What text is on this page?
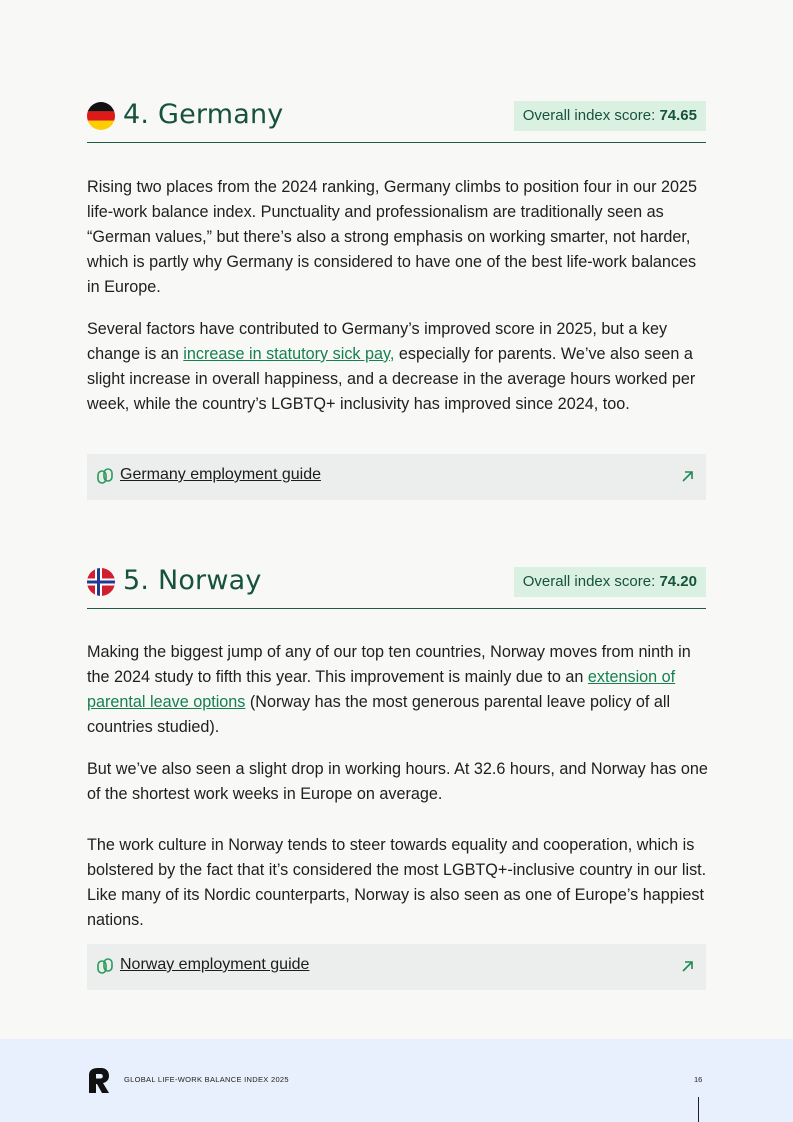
4. Germany	Overall index score: 74.65

Rising two places from the 2024 ranking, Germany climbs to position four in our 2025 life-work balance index. Punctuality and professionalism are traditionally seen as “German values,” but there’s also a strong emphasis on working smarter, not harder, which is partly why Germany is considered to have one of the best life-work balances in Europe.

Several factors have contributed to Germany’s improved score in 2025, but a key change is an increase in statutory sick pay, especially for parents. We’ve also seen a slight increase in overall happiness, and a decrease in the average hours worked per week, while the country’s LGBTQ+ inclusivity has improved since 2024, too.

Germany employment guide
5. Norway	Overall index score: 74.20

Making the biggest jump of any of our top ten countries, Norway moves from ninth in the 2024 study to fifth this year. This improvement is mainly due to an extension of parental leave options (Norway has the most generous parental leave policy of all countries studied).

But we’ve also seen a slight drop in working hours. At 32.6 hours, and Norway has one of the shortest work weeks in Europe on average.

The work culture in Norway tends to steer towards equality and cooperation, which is bolstered by the fact that it’s considered the most LGBTQ+-inclusive country in our list. Like many of its Nordic counterparts, Norway is also seen as one of Europe’s happiest nations.

Norway employment guide
GLOBAL LIFE-WORK BALANCE INDEX 2025	16
